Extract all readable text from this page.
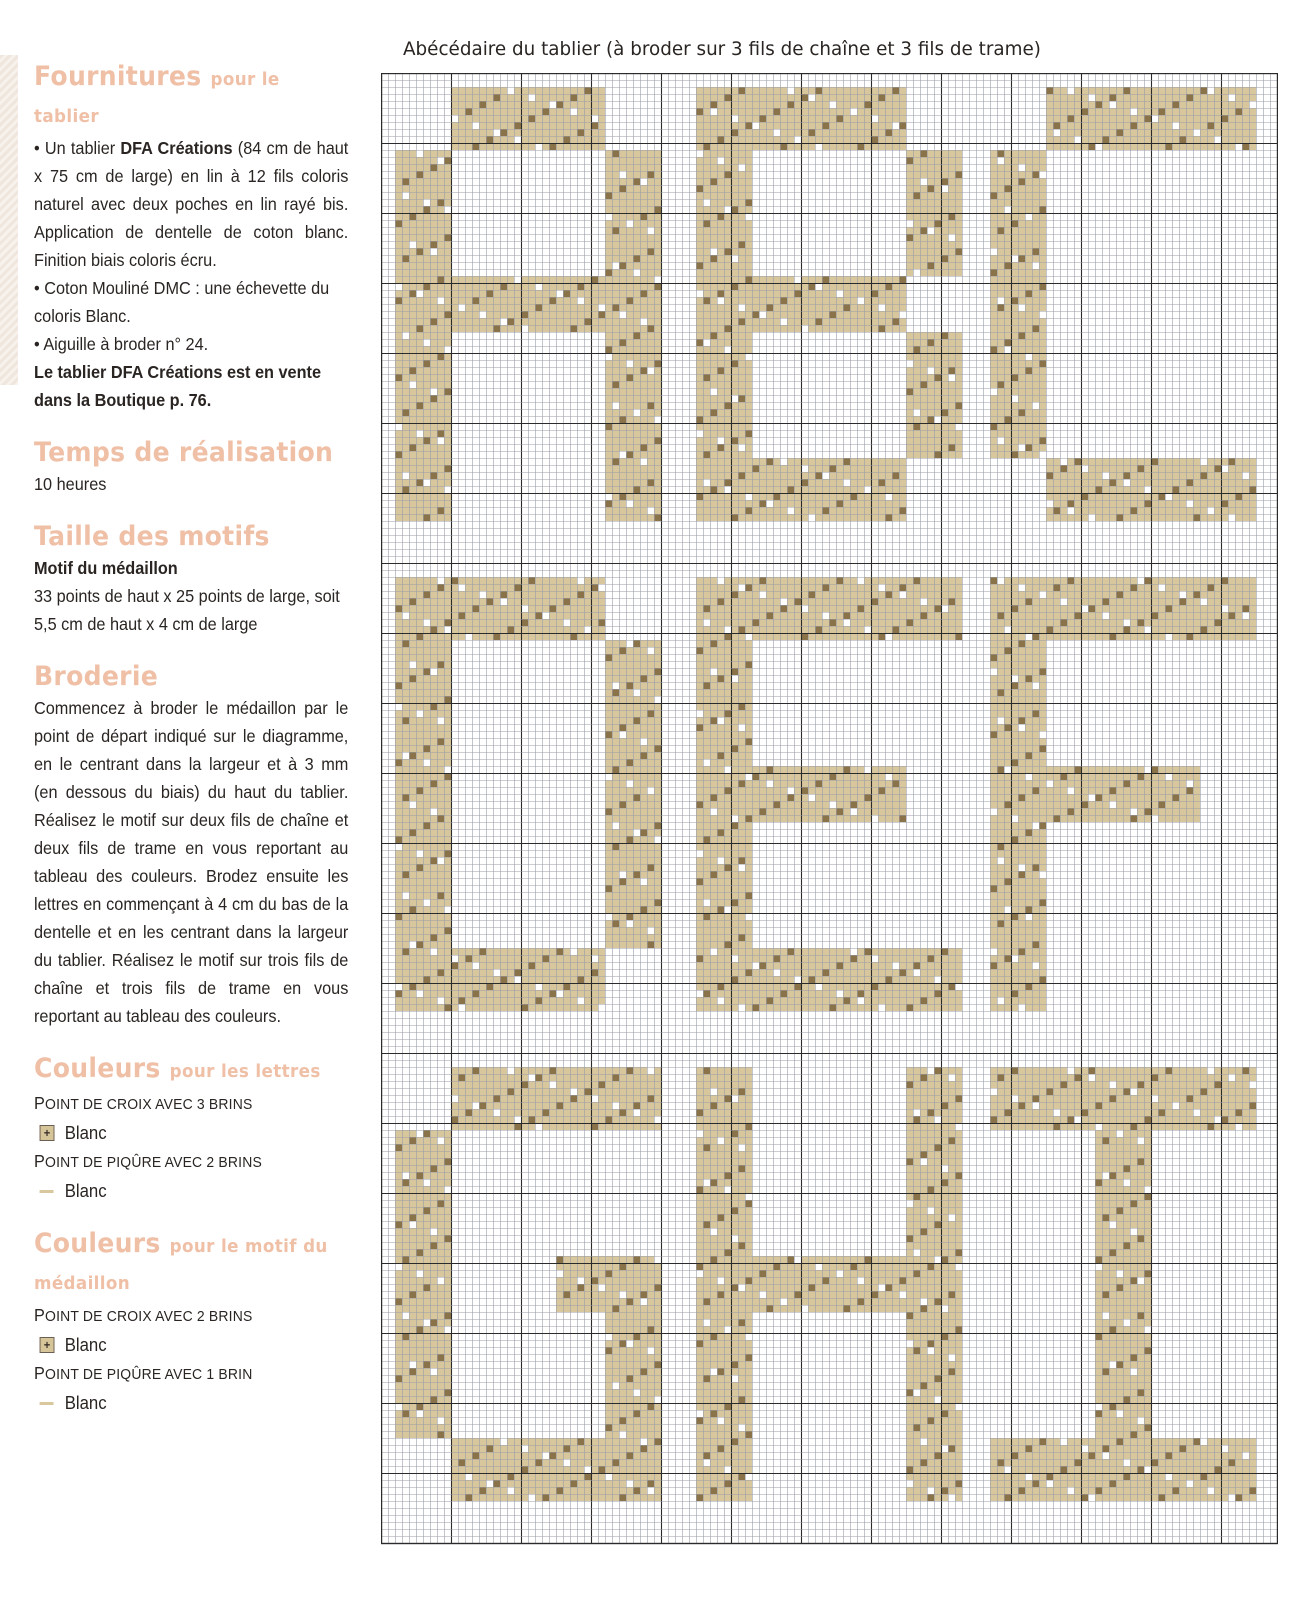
Fournitures pour le tablier

• Un tablier DFA Créations (84 cm de haut x 75 cm de large) en lin à 12 fils coloris naturel avec deux poches en lin rayé bis. Application de dentelle de coton blanc. Finition biais coloris écru.

• Coton Mouliné DMC : une échevette du coloris Blanc.

• Aiguille à broder n° 24.

Le tablier DFA Créations est en vente dans la Boutique p. 76.

Temps de réalisation

10 heures

Taille des motifs

Motif du médaillon

33 points de haut x 25 points de large, soit 5,5 cm de haut x 4 cm de large

Broderie

Commencez à broder le médaillon par le point de départ indiqué sur le diagramme, en le centrant dans la largeur et à 3 mm (en dessous du biais) du haut du tablier. Réalisez le motif sur deux fils de chaîne et deux fils de trame en vous reportant au tableau des couleurs. Brodez ensuite les lettres en commençant à 4 cm du bas de la dentelle et en les centrant dans la largeur du tablier. Réalisez le motif sur trois fils de chaîne et trois fils de trame en vous reportant au tableau des couleurs.

Couleurs pour les lettres
POINT DE CROIX AVEC 3 BRINS
+ Blanc
POINT DE PIQÛRE AVEC 2 BRINS
Blanc
Couleurs pour le motif du médaillon
POINT DE CROIX AVEC 2 BRINS
+ Blanc
POINT DE PIQÛRE AVEC 1 BRIN
Blanc
Abécédaire du tablier (à broder sur 3 fils de chaîne et 3 fils de trame)
